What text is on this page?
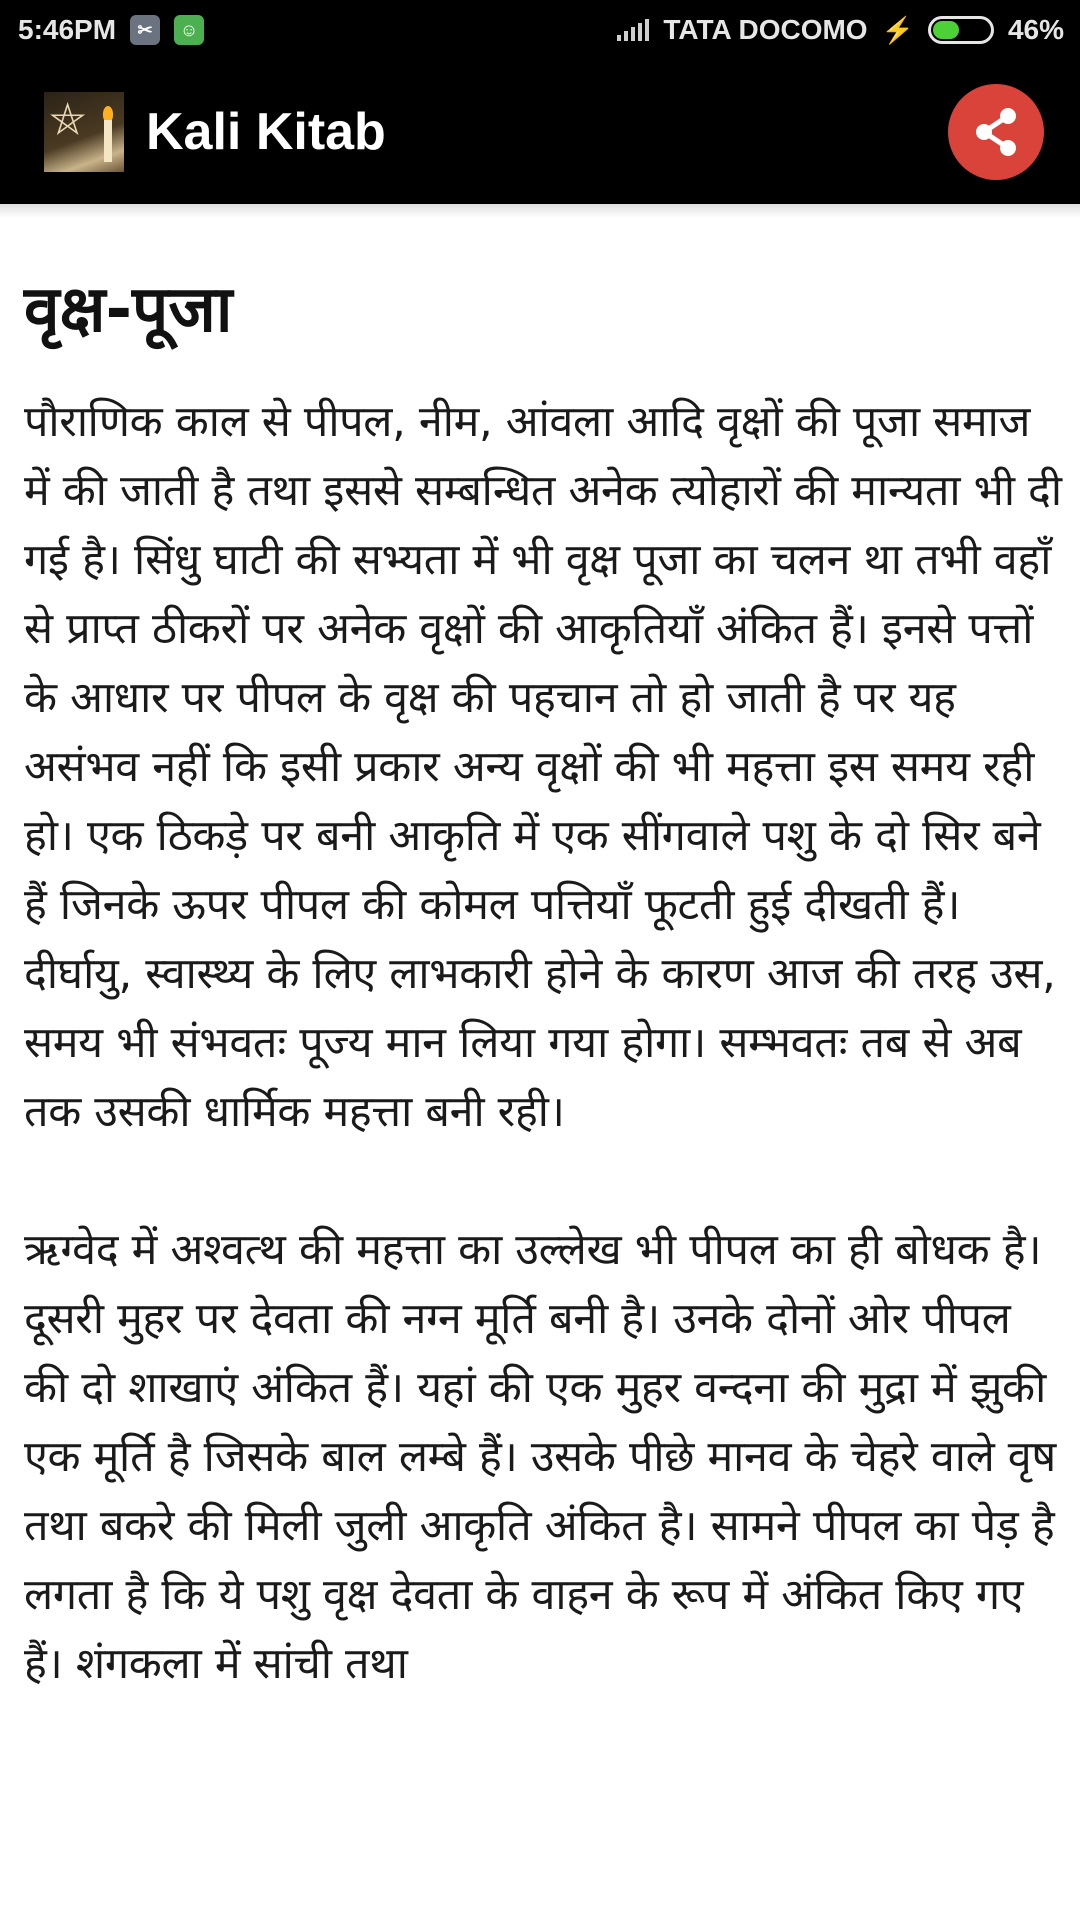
5:46PM	✂	☺	TATA DOCOMO ⚡	46%
⛤ Kali Kitab
वृक्ष-पूजा

पौराणिक काल से पीपल, नीम, आंवला आदि वृक्षों की पूजा समाज में की जाती है तथा इससे सम्बन्धित अनेक त्योहारों की मान्यता भी दी गई है। सिंधु घाटी की सभ्यता में भी वृक्ष पूजा का चलन था तभी वहाँ से प्राप्त ठीकरों पर अनेक वृक्षों की आकृतियाँ अंकित हैं। इनसे पत्तों के आधार पर पीपल के वृक्ष की पहचान तो हो जाती है पर यह असंभव नहीं कि इसी प्रकार अन्य वृक्षों की भी महत्ता इस समय रही हो। एक ठिकड़े पर बनी आकृति में एक सींगवाले पशु के दो सिर बने हैं जिनके ऊपर पीपल की कोमल पत्तियाँ फूटती हुई दीखती हैं। दीर्घायु, स्वास्थ्य के लिए लाभकारी होने के कारण आज की तरह उस, समय भी संभवतः पूज्य मान लिया गया होगा। सम्भवतः तब से अब तक उसकी धार्मिक महत्ता बनी रही।

ऋग्वेद में अश्वत्थ की महत्ता का उल्लेख भी पीपल का ही बोधक है। दूसरी मुहर पर देवता की नग्न मूर्ति बनी है। उनके दोनों ओर पीपल की दो शाखाएं अंकित हैं। यहां की एक मुहर वन्दना की मुद्रा में झुकी एक मूर्ति है जिसके बाल लम्बे हैं। उसके पीछे मानव के चेहरे वाले वृष तथा बकरे की मिली जुली आकृति अंकित है। सामने पीपल का पेड़ है लगता है कि ये पशु वृक्ष देवता के वाहन के रूप में अंकित किए गए हैं। शंगकला में सांची तथा
